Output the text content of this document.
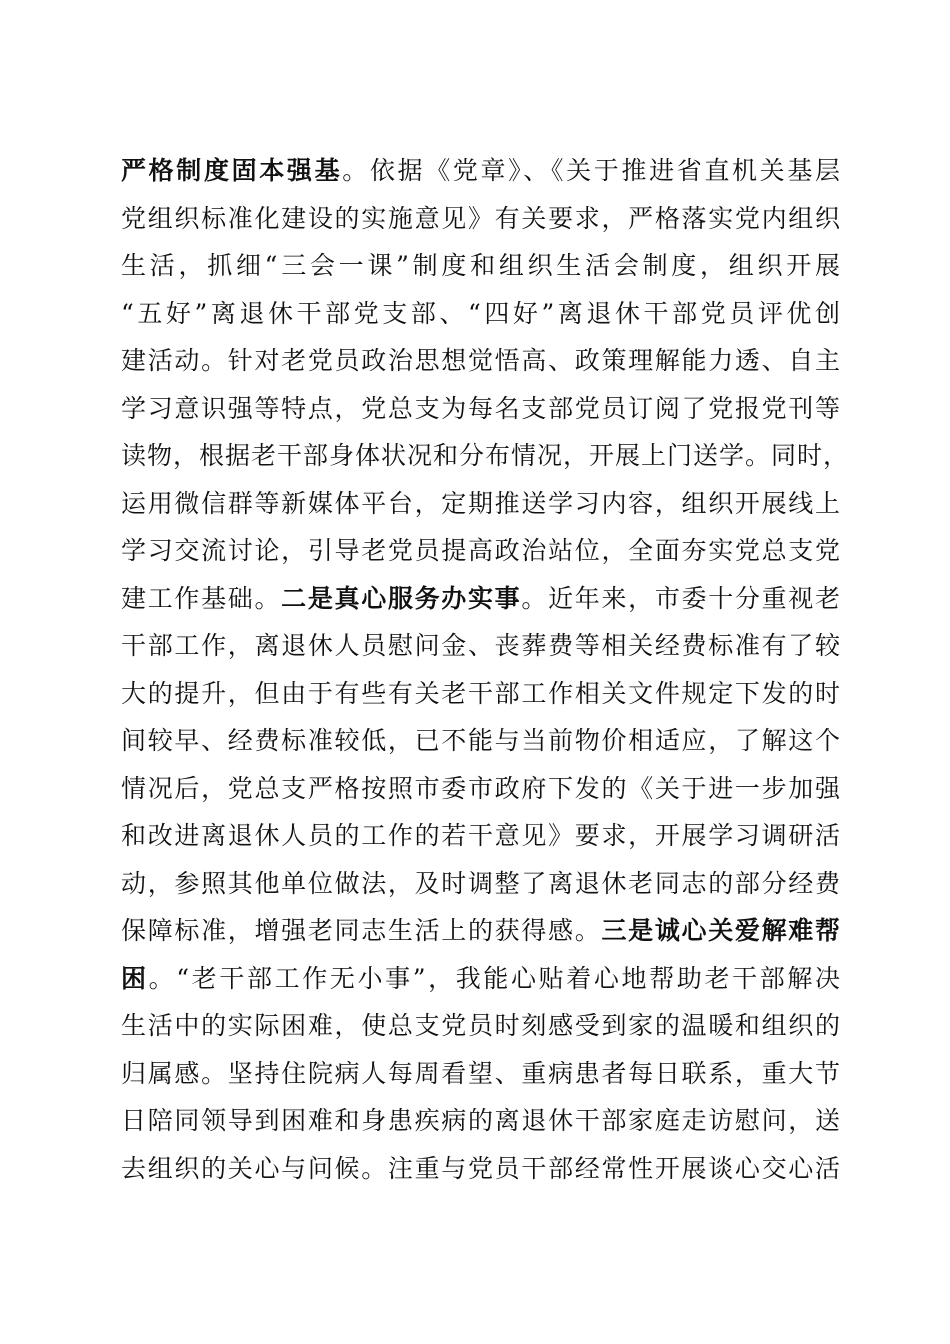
严格制度固本强基。依据《党章》、《关于推进省直机关基层
党组织标准化建设的实施意见》有关要求，严格落实党内组织
生活，抓细“三会一课”制度和组织生活会制度，组织开展
“五好”离退休干部党支部、“四好”离退休干部党员评优创
建活动。针对老党员政治思想觉悟高、政策理解能力透、自主
学习意识强等特点，党总支为每名支部党员订阅了党报党刊等
读物，根据老干部身体状况和分布情况，开展上门送学。同时，
运用微信群等新媒体平台，定期推送学习内容，组织开展线上
学习交流讨论，引导老党员提高政治站位，全面夯实党总支党
建工作基础。二是真心服务办实事。近年来，市委十分重视老
干部工作，离退休人员慰问金、丧葬费等相关经费标准有了较
大的提升，但由于有些有关老干部工作相关文件规定下发的时
间较早、经费标准较低，已不能与当前物价相适应，了解这个
情况后，党总支严格按照市委市政府下发的《关于进一步加强
和改进离退休人员的工作的若干意见》要求，开展学习调研活
动，参照其他单位做法，及时调整了离退休老同志的部分经费
保障标准，增强老同志生活上的获得感。三是诚心关爱解难帮
困。“老干部工作无小事”，我能心贴着心地帮助老干部解决
生活中的实际困难，使总支党员时刻感受到家的温暖和组织的
归属感。坚持住院病人每周看望、重病患者每日联系，重大节
日陪同领导到困难和身患疾病的离退休干部家庭走访慰问，送
去组织的关心与问候。注重与党员干部经常性开展谈心交心活
